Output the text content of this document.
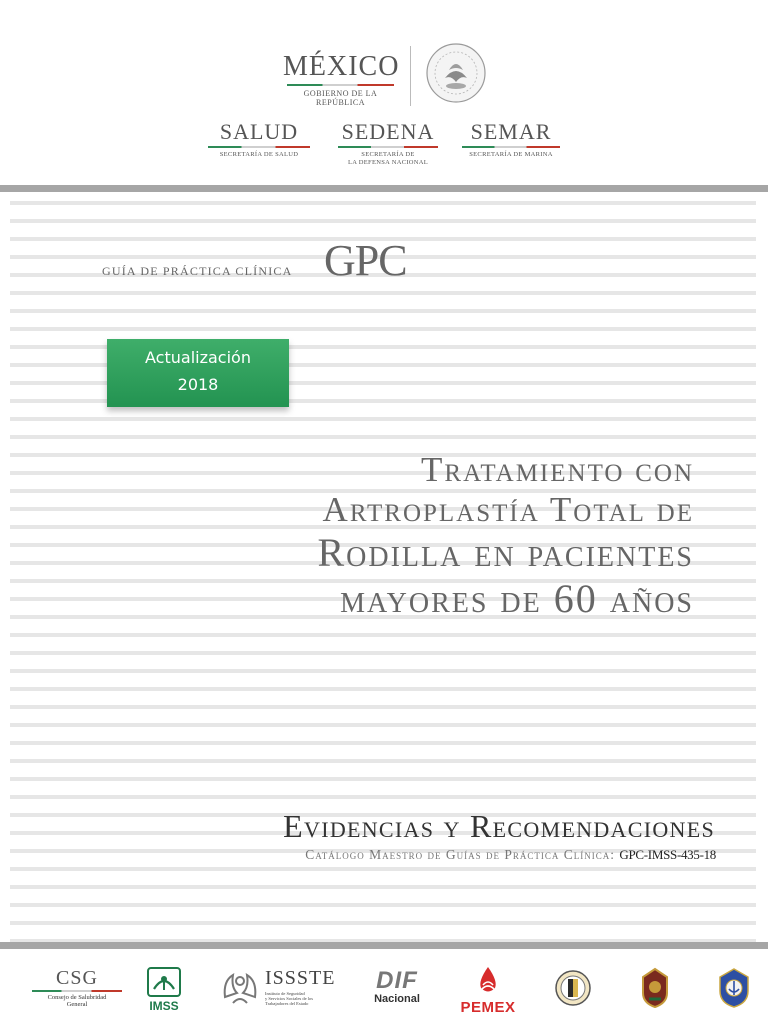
MÉXICO
GOBIERNO DE LA REPÚBLICA
SALUD
SECRETARÍA DE SALUD
SEDENA
SECRETARÍA DE
LA DEFENSA NACIONAL
SEMAR
SECRETARÍA DE MARINA
GUÍA DE PRÁCTICA CLÍNICA GPC
Actualización
2018
Tratamiento con
Artroplastía Total de
Rodilla en pacientes
mayores de 60 años
Evidencias y Recomendaciones
Catálogo Maestro de Guías de Práctica Clínica: GPC-IMSS-435-18
CSG
Consejo de Salubridad
General	IMSS
ISSSTE
Instituto de Seguridad
y Servicios Sociales de los
Trabajadores del Estado
DIF
Nacional	PEMEX
